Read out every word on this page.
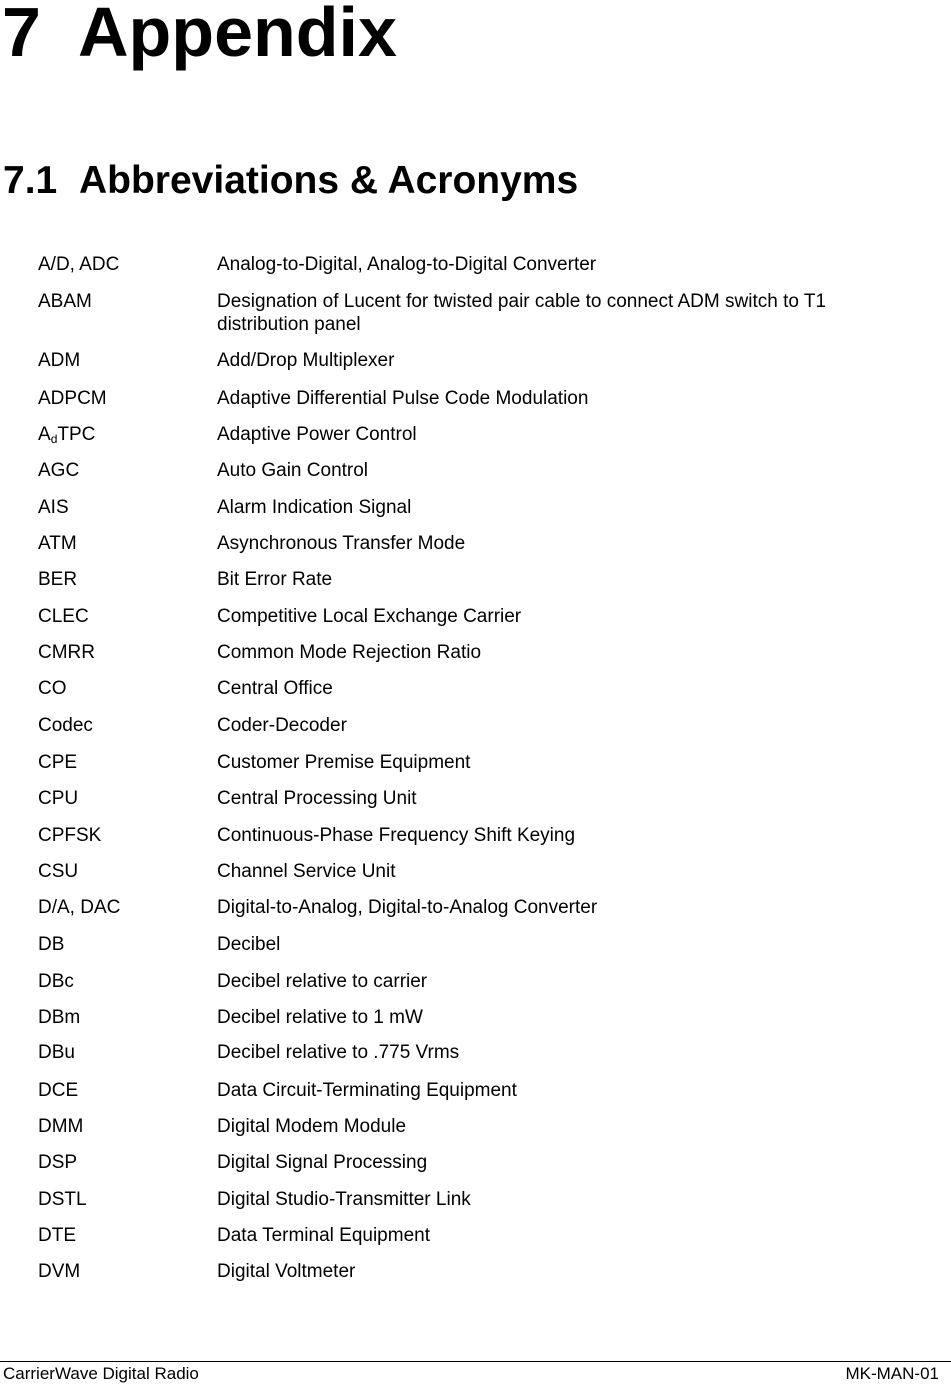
7 Appendix
7.1 Abbreviations & Acronyms
A/D, ADC	Analog-to-Digital, Analog-to-Digital Converter
ABAM	Designation of Lucent for twisted pair cable to connect ADM switch to T1 distribution panel
ADM	Add/Drop Multiplexer
ADPCM	Adaptive Differential Pulse Code Modulation
$A_dTPC$	Adaptive Power Control
AGC	Auto Gain Control
AIS	Alarm Indication Signal
ATM	Asynchronous Transfer Mode
BER	Bit Error Rate
CLEC	Competitive Local Exchange Carrier
CMRR	Common Mode Rejection Ratio
CO	Central Office
Codec	Coder-Decoder
CPE	Customer Premise Equipment
CPU	Central Processing Unit
CPFSK	Continuous-Phase Frequency Shift Keying
CSU	Channel Service Unit
D/A, DAC	Digital-to-Analog, Digital-to-Analog Converter
DB	Decibel
DBc	Decibel relative to carrier
DBm	Decibel relative to 1 mW
DBu	Decibel relative to .775 Vrms
DCE	Data Circuit-Terminating Equipment
DMM	Digital Modem Module
DSP	Digital Signal Processing
DSTL	Digital Studio-Transmitter Link
DTE	Data Terminal Equipment
DVM	Digital Voltmeter
CarrierWave Digital Radio	MK-MAN-01
